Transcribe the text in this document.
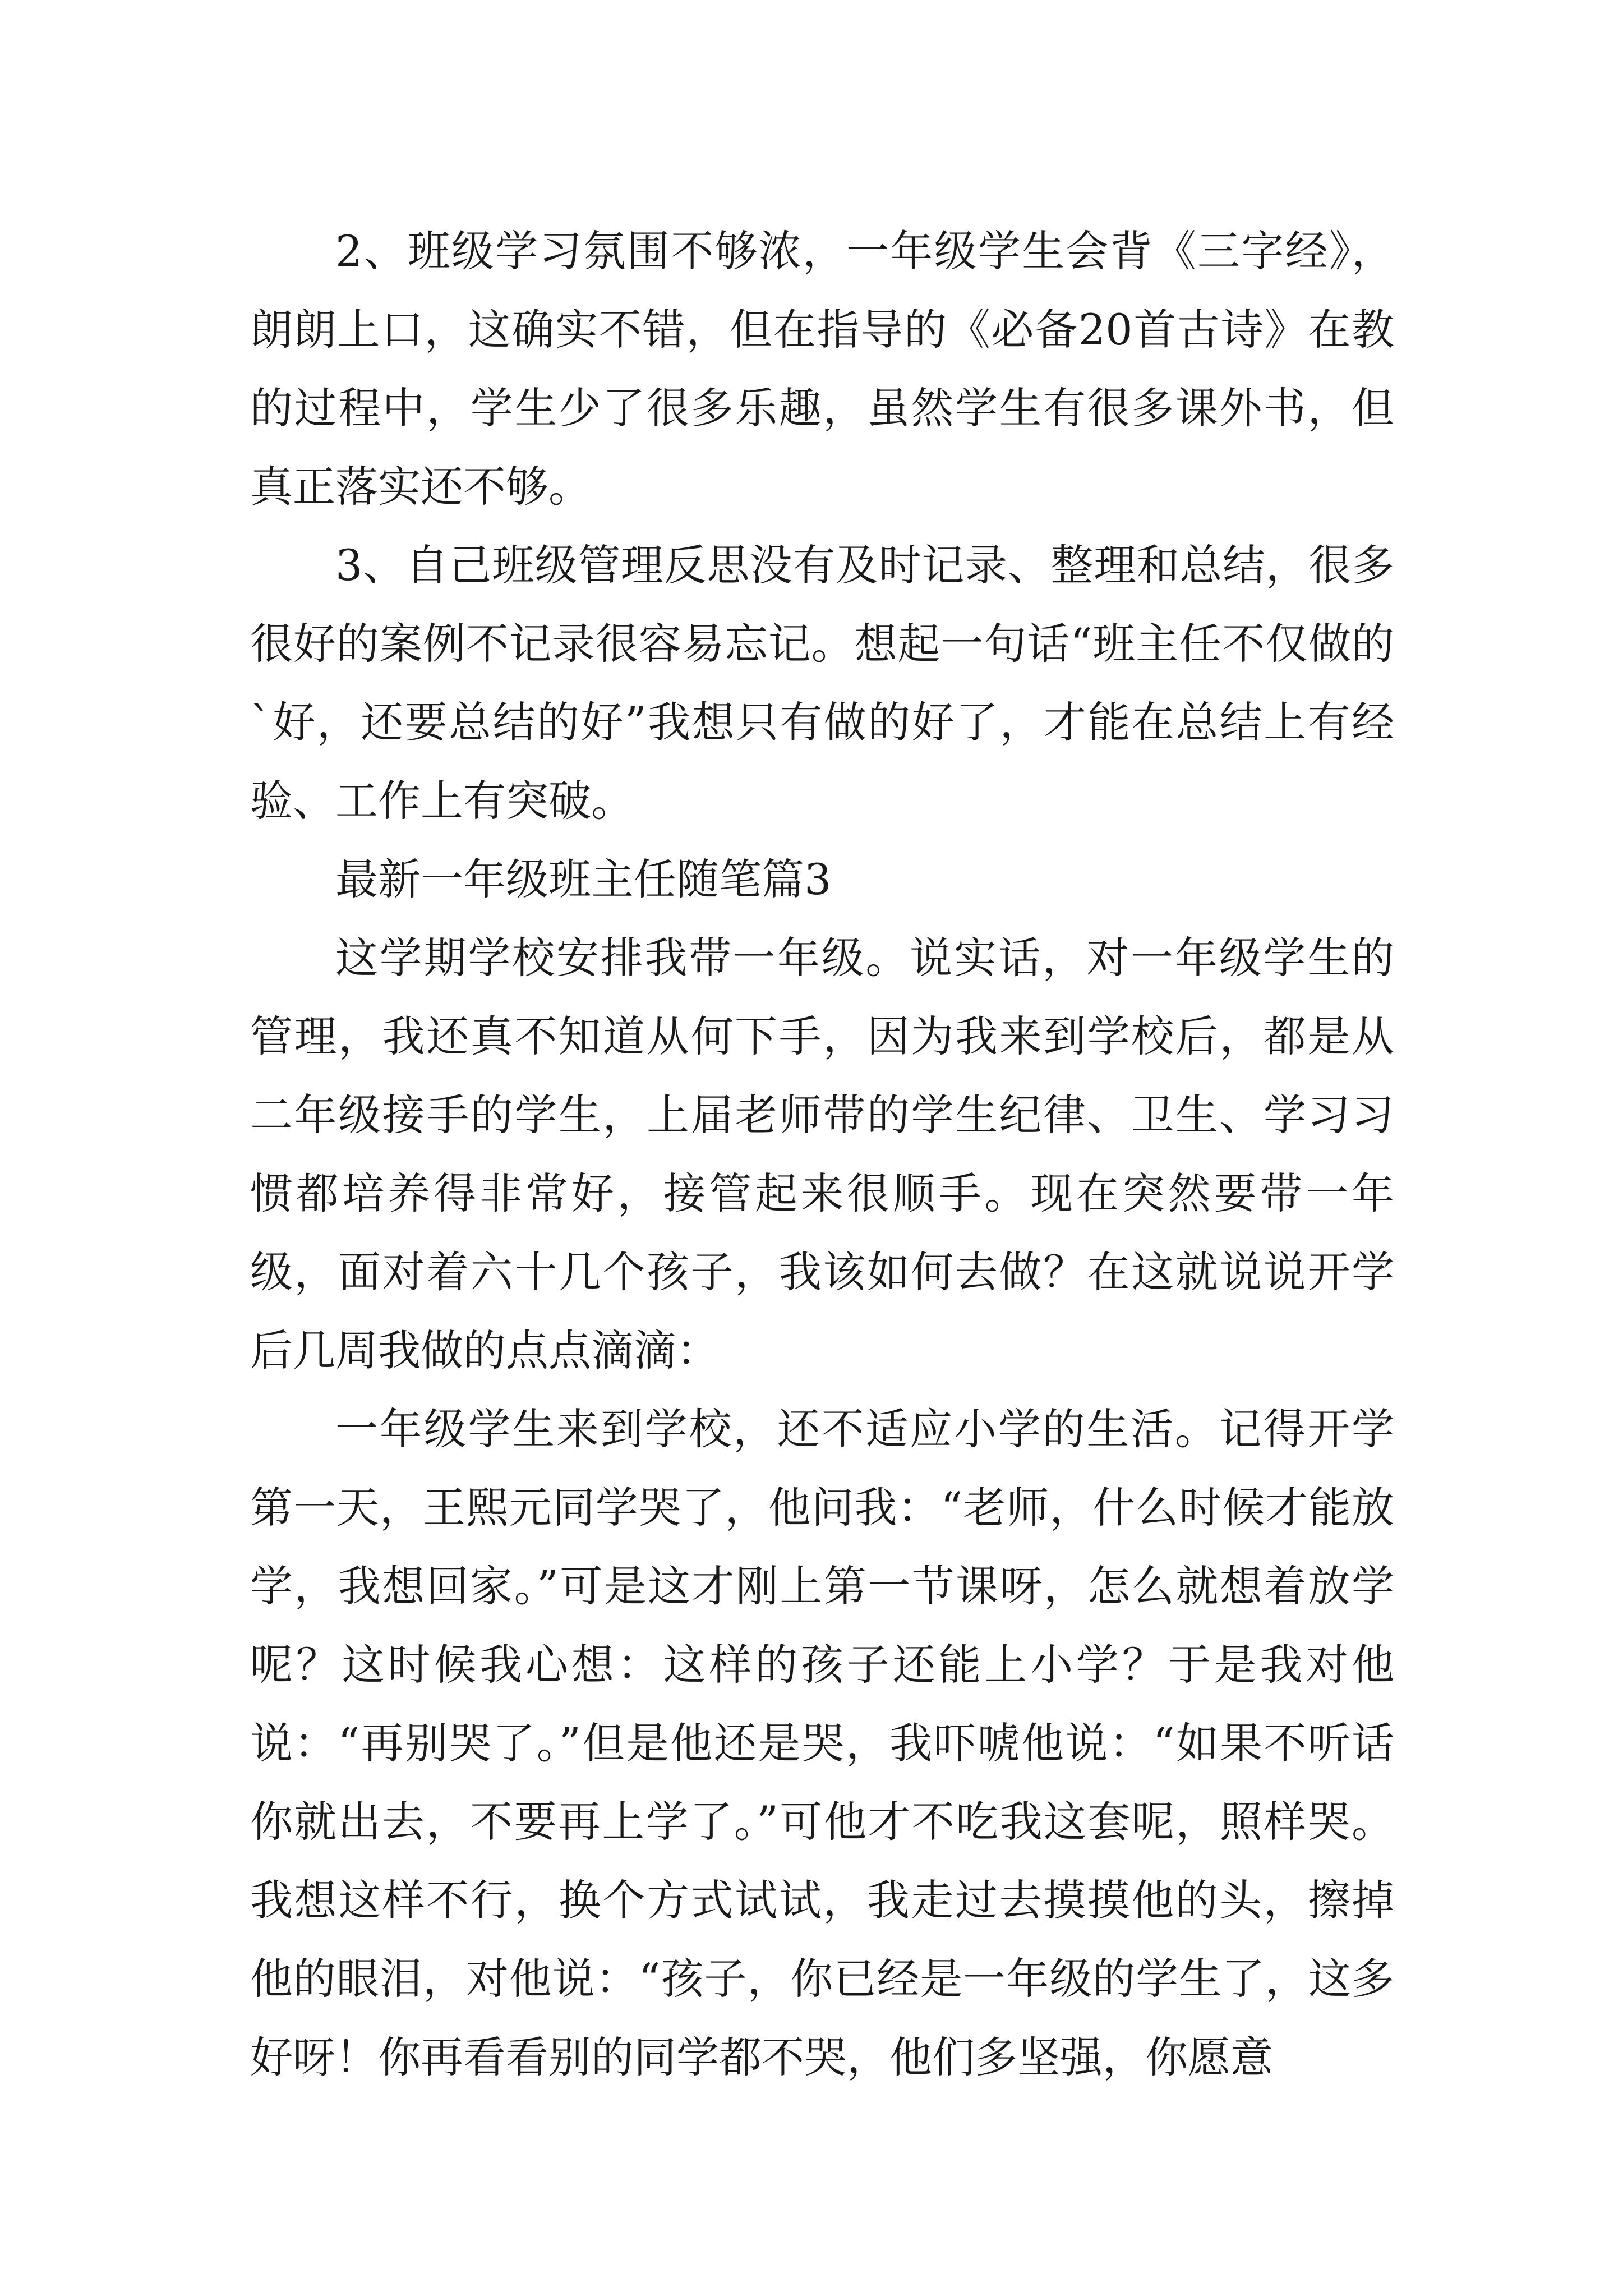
2、班级学习氛围不够浓，一年级学生会背《三字经》，朗朗上口，这确实不错，但在指导的《必备20首古诗》在教的过程中，学生少了很多乐趣，虽然学生有很多课外书，但真正落实还不够。

3、自己班级管理反思没有及时记录、整理和总结，很多很好的案例不记录很容易忘记。想起一句话“班主任不仅做的`好，还要总结的好”我想只有做的好了，才能在总结上有经验、工作上有突破。

最新一年级班主任随笔篇3

这学期学校安排我带一年级。说实话，对一年级学生的管理，我还真不知道从何下手，因为我来到学校后，都是从二年级接手的学生，上届老师带的学生纪律、卫生、学习习惯都培养得非常好，接管起来很顺手。现在突然要带一年级，面对着六十几个孩子，我该如何去做？在这就说说开学后几周我做的点点滴滴：

一年级学生来到学校，还不适应小学的生活。记得开学第一天，王熙元同学哭了，他问我：“老师，什么时候才能放学，我想回家。”可是这才刚上第一节课呀，怎么就想着放学呢？这时候我心想：这样的孩子还能上小学？于是我对他说：“再别哭了。”但是他还是哭，我吓唬他说：“如果不听话你就出去，不要再上学了。”可他才不吃我这套呢，照样哭。我想这样不行，换个方式试试，我走过去摸摸他的头，擦掉他的眼泪，对他说：“孩子，你已经是一年级的学生了，这多好呀！你再看看别的同学都不哭，他们多坚强，你愿意
